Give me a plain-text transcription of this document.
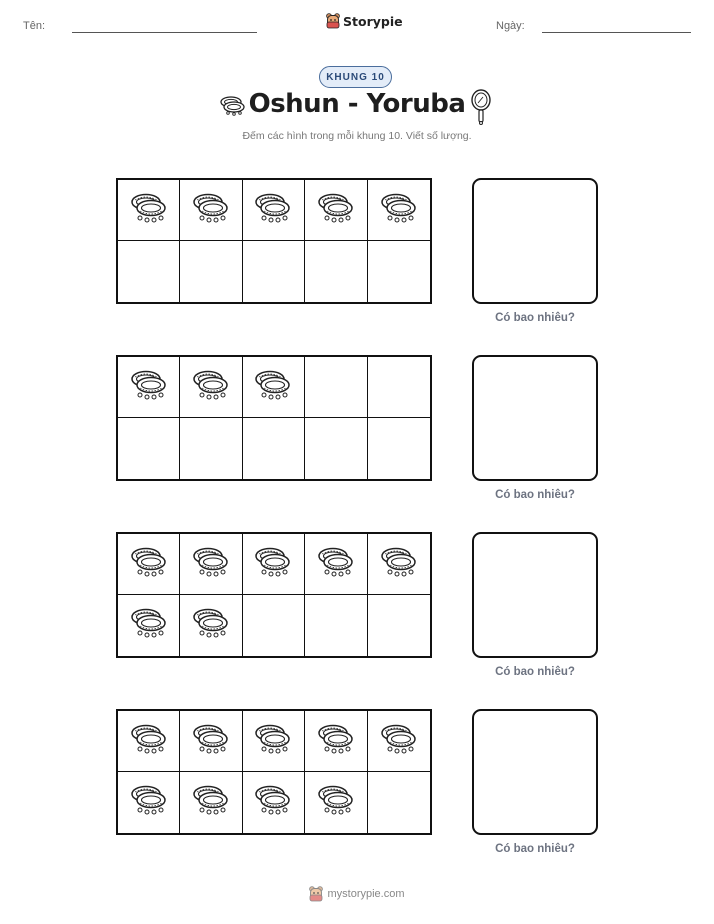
Tên:	Storypie	Ngày:
KHUNG 10
Oshun - Yoruba
Đếm các hình trong mỗi khung 10. Viết số lượng.
Có bao nhiêu?
Có bao nhiêu?
Có bao nhiêu?
Có bao nhiêu?
mystorypie.com
